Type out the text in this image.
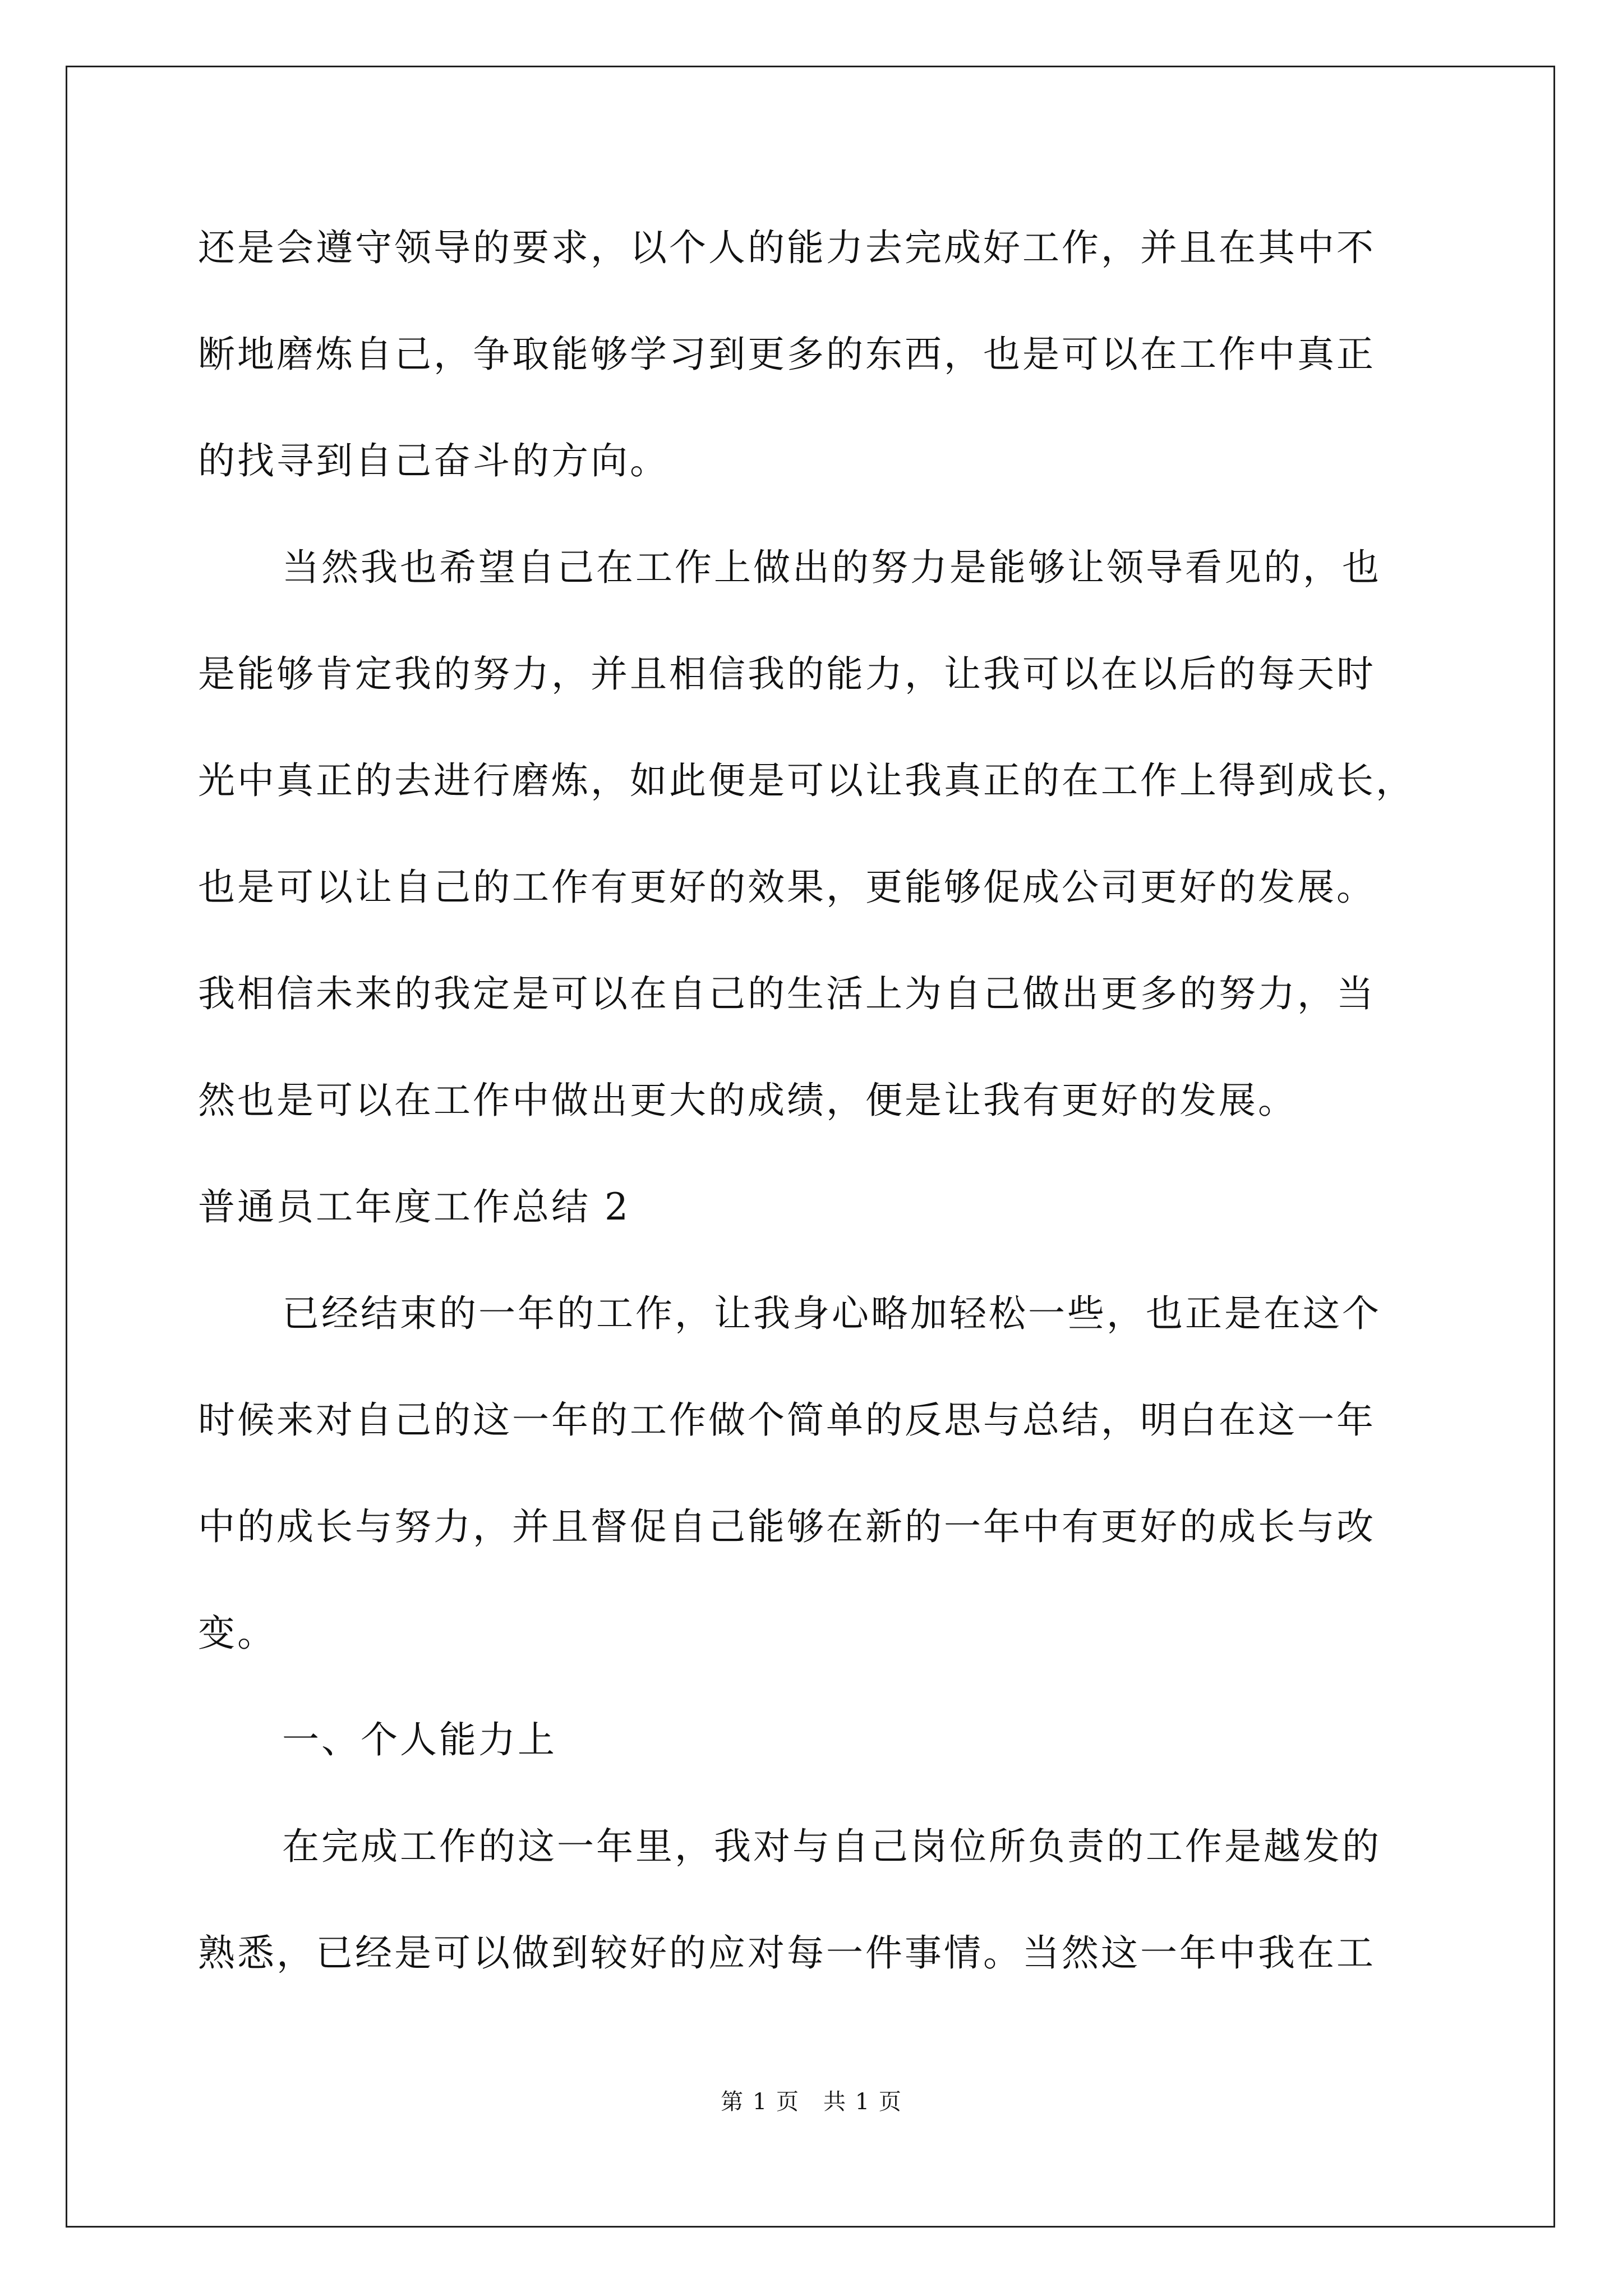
还是会遵守领导的要求，以个人的能力去完成好工作，并且在其中不
断地磨炼自己，争取能够学习到更多的东西，也是可以在工作中真正
的找寻到自己奋斗的方向。
当然我也希望自己在工作上做出的努力是能够让领导看见的，也
是能够肯定我的努力，并且相信我的能力，让我可以在以后的每天时
光中真正的去进行磨炼，如此便是可以让我真正的在工作上得到成长，
也是可以让自己的工作有更好的效果，更能够促成公司更好的发展。
我相信未来的我定是可以在自己的生活上为自己做出更多的努力，当
然也是可以在工作中做出更大的成绩，便是让我有更好的发展。
普通员工年度工作总结 2
已经结束的一年的工作，让我身心略加轻松一些，也正是在这个
时候来对自己的这一年的工作做个简单的反思与总结，明白在这一年
中的成长与努力，并且督促自己能够在新的一年中有更好的成长与改
变。
一、个人能力上
在完成工作的这一年里，我对与自己岗位所负责的工作是越发的
熟悉，已经是可以做到较好的应对每一件事情。当然这一年中我在工
第 1 页　共 1 页
